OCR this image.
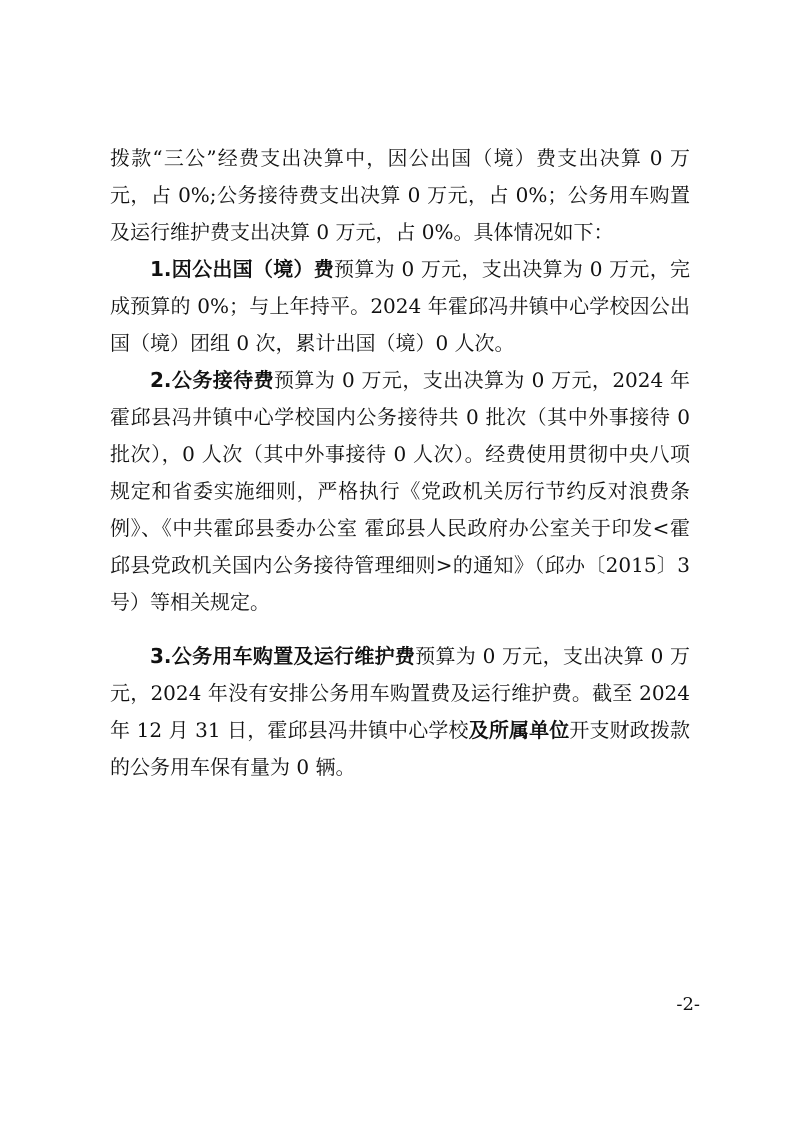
拨款“三公”经费支出决算中，因公出国（境）费支出决算 0 万元，占 0%;公务接待费支出决算 0 万元，占 0%；公务用车购置及运行维护费支出决算 0 万元，占 0%。具体情况如下：

1.因公出国（境）费预算为 0 万元，支出决算为 0 万元，完成预算的 0%；与上年持平。2024 年霍邱冯井镇中心学校因公出国（境）团组 0 次，累计出国（境）0 人次。

2.公务接待费预算为 0 万元，支出决算为 0 万元，2024 年霍邱县冯井镇中心学校国内公务接待共 0 批次（其中外事接待 0 批次），0 人次（其中外事接待 0 人次）。经费使用贯彻中央八项规定和省委实施细则，严格执行《党政机关厉行节约反对浪费条例》、《中共霍邱县委办公室 霍邱县人民政府办公室关于印发<霍邱县党政机关国内公务接待管理细则>的通知》（邱办〔2015〕3 号）等相关规定。

3.公务用车购置及运行维护费预算为 0 万元，支出决算 0 万元，2024 年没有安排公务用车购置费及运行维护费。截至 2024 年 12 月 31 日，霍邱县冯井镇中心学校及所属单位开支财政拨款的公务用车保有量为 0 辆。

-2-
